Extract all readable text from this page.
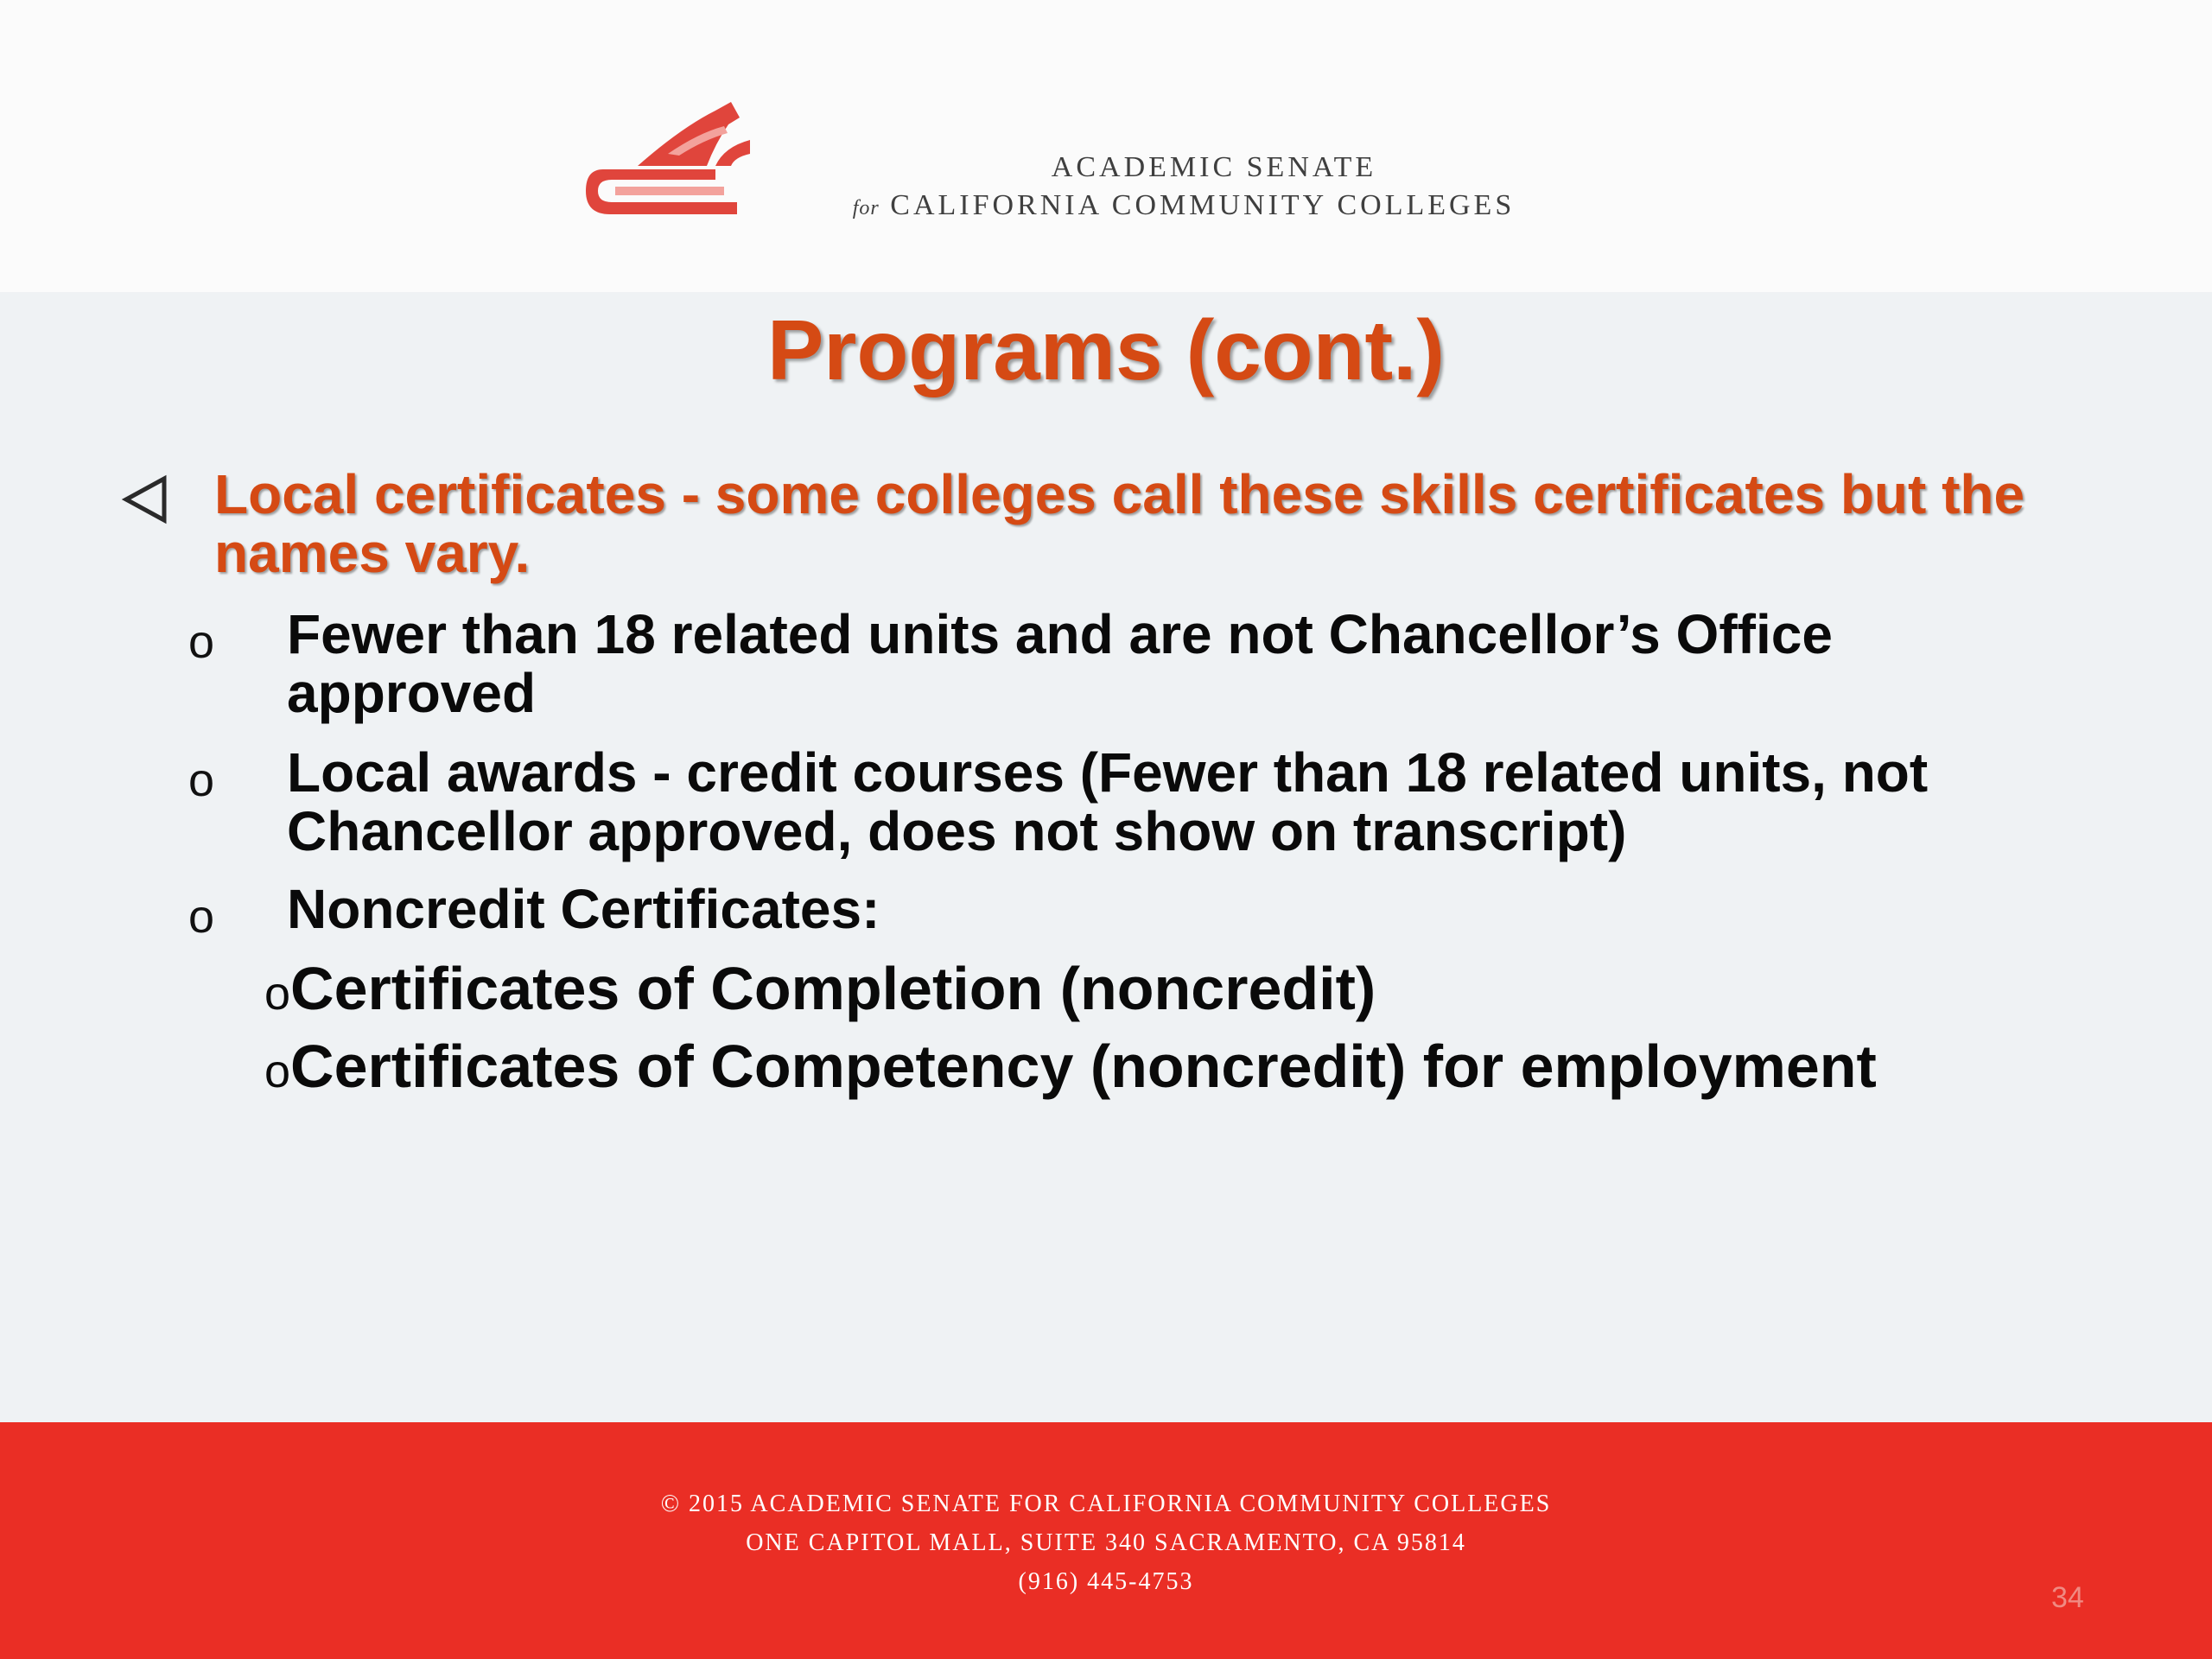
ACADEMIC SENATE
for CALIFORNIA COMMUNITY COLLEGES
Programs (cont.)
Local certificates - some colleges call these skills certificates but the names vary.
o Fewer than 18 related units and are not Chancellor’s Office approved
o Local awards - credit courses (Fewer than 18 related units, not Chancellor approved, does not show on transcript)
o Noncredit Certificates:
oCertificates of Completion (noncredit)
oCertificates of Competency (noncredit) for employment
© 2015 ACADEMIC SENATE FOR CALIFORNIA COMMUNITY COLLEGES
ONE CAPITOL MALL, SUITE 340 SACRAMENTO, CA 95814
(916) 445-4753	34
